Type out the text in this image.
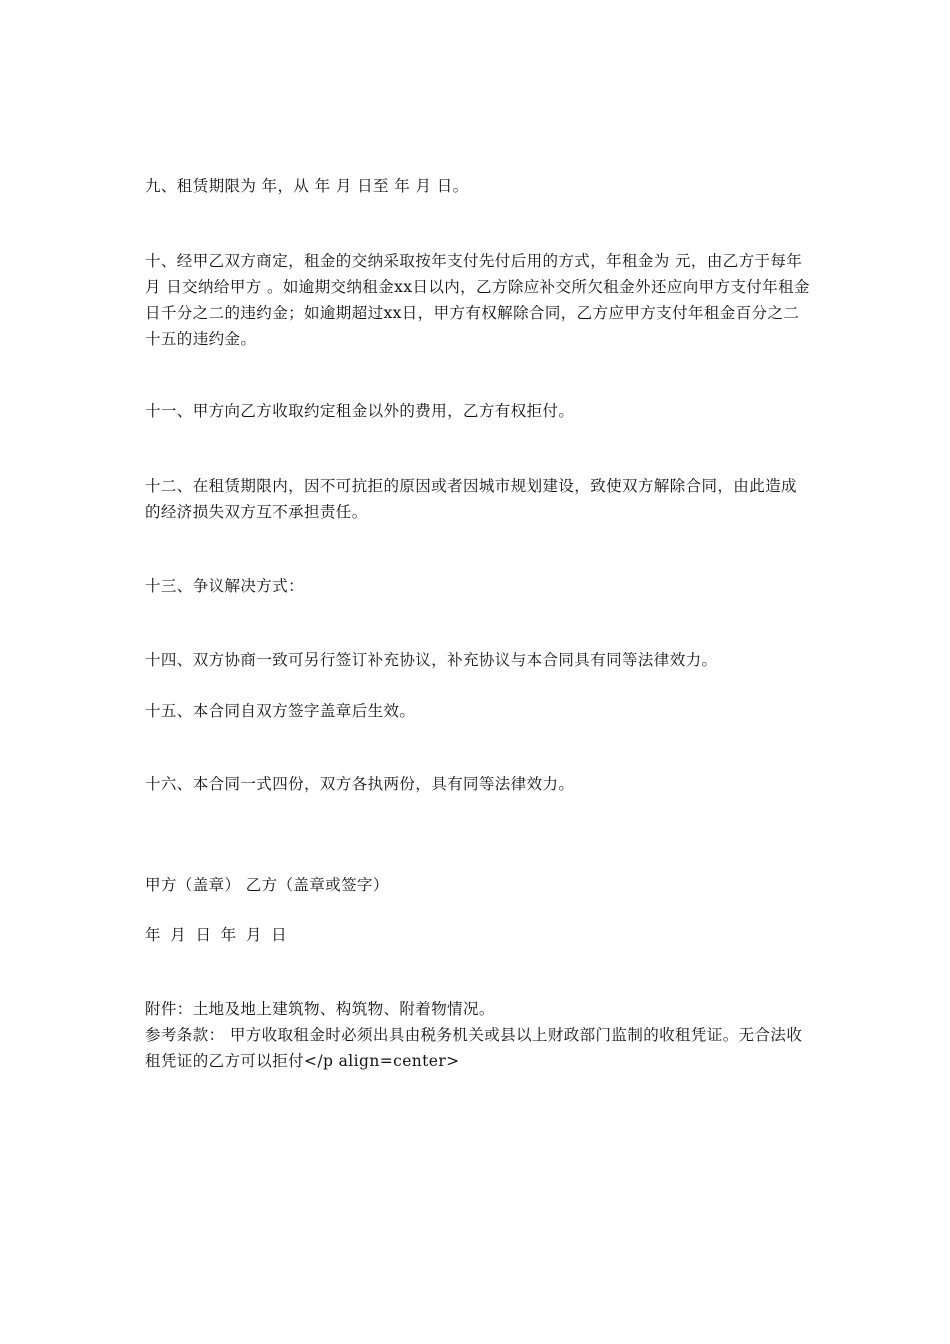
九、租赁期限为 年，从 年 月 日至 年 月 日。

十、经甲乙双方商定，租金的交纳采取按年支付先付后用的方式，年租金为 元，由乙方于每年 月 日交纳给甲方 。如逾期交纳租金xx日以内，乙方除应补交所欠租金外还应向甲方支付年租金日千分之二的违约金；如逾期超过xx日，甲方有权解除合同，乙方应甲方支付年租金百分之二十五的违约金。

十一、甲方向乙方收取约定租金以外的费用，乙方有权拒付。

十二、在租赁期限内，因不可抗拒的原因或者因城市规划建设，致使双方解除合同，由此造成的经济损失双方互不承担责任。

十三、争议解决方式：

十四、双方协商一致可另行签订补充协议，补充协议与本合同具有同等法律效力。

十五、本合同自双方签字盖章后生效。

十六、本合同一式四份，双方各执两份，具有同等法律效力。

甲方（盖章） 乙方（盖章或签字）

年 月 日 年 月 日

附件：土地及地上建筑物、构筑物、附着物情况。

参考条款： 甲方收取租金时必须出具由税务机关或县以上财政部门监制的收租凭证。无合法收租凭证的乙方可以拒付</p align=center>
